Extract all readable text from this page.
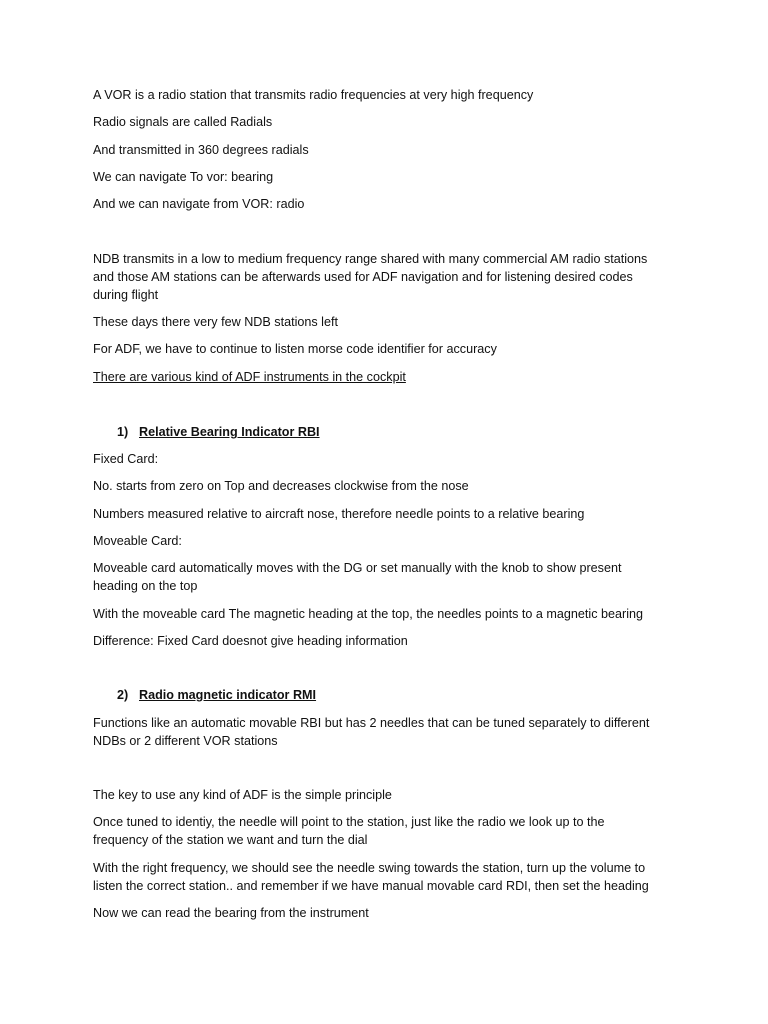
A VOR is a radio station that transmits radio frequencies at very high frequency

Radio signals are called Radials

And transmitted in 360 degrees radials

We can navigate To vor: bearing

And we can navigate from VOR: radio

NDB transmits in a low to medium frequency range shared with many commercial AM radio stations

and those AM stations can be afterwards used for ADF navigation and for listening desired codes

during flight

These days there very few NDB stations left

For ADF, we have to continue to listen morse code identifier for accuracy

There are various kind of ADF instruments in the cockpit

1) Relative Bearing Indicator RBI

Fixed Card:

No. starts from zero on Top and decreases clockwise from the nose

Numbers measured relative to aircraft nose, therefore needle points to a relative bearing

Moveable Card:

Moveable card automatically moves with the DG or set manually with the knob to show present

heading on the top

With the moveable card The magnetic heading at the top, the needles points to a magnetic bearing

Difference: Fixed Card doesnot give heading information

2) Radio magnetic indicator RMI

Functions like an automatic movable RBI but has 2 needles that can be tuned separately to different

NDBs or 2 different VOR stations

The key to use any kind of ADF is the simple principle

Once tuned to identiy, the needle will point to the station, just like the radio we look up to the

frequency of the station we want and turn the dial

With the right frequency, we should see the needle swing towards the station, turn up the volume to

listen the correct station.. and remember if we have manual movable card RDI, then set the heading

Now we can read the bearing from the instrument
